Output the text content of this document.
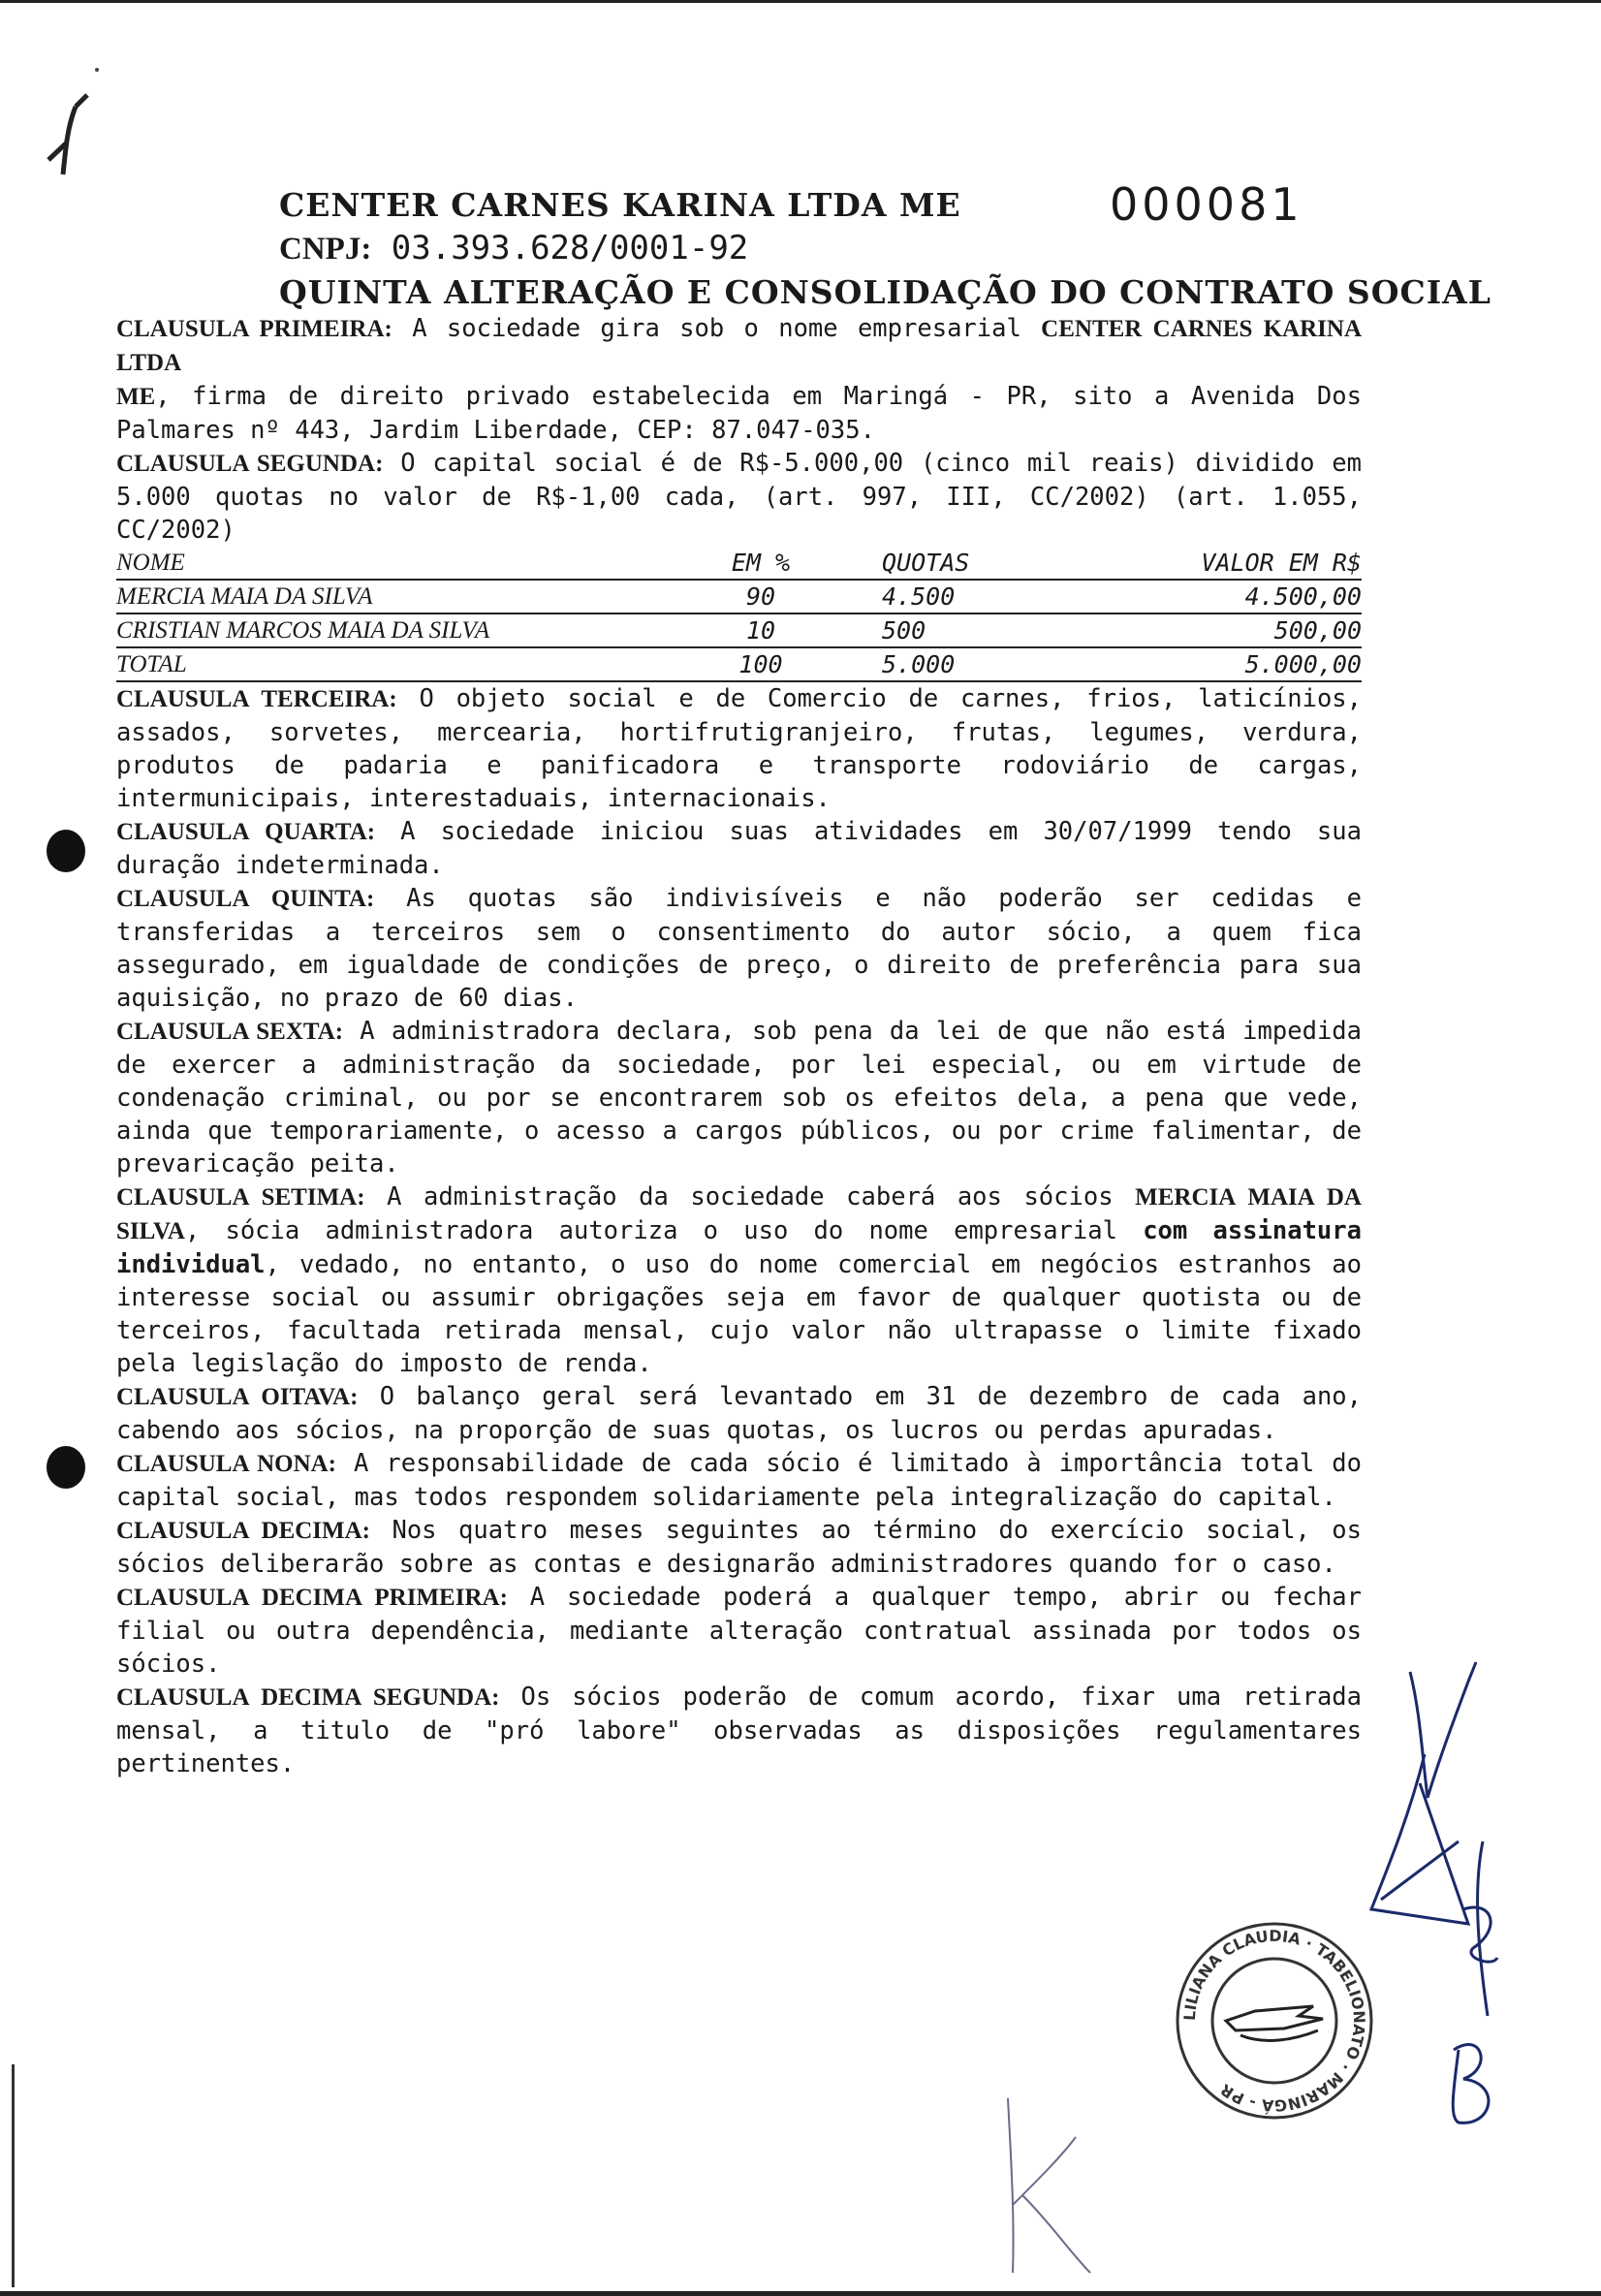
CENTER CARNES KARINA LTDA ME	000081
CNPJ: 03.393.628/0001-92
QUINTA ALTERAÇÃO E CONSOLIDAÇÃO DO CONTRATO SOCIAL

CLAUSULA PRIMEIRA: A sociedade gira sob o nome empresarial CENTER CARNES KARINA LTDA
ME, firma de direito privado estabelecida em Maringá - PR, sito a Avenida Dos Palmares nº 443, Jardim Liberdade, CEP: 87.047-035.

CLAUSULA SEGUNDA: O capital social é de R$-5.000,00 (cinco mil reais) dividido em 5.000 quotas no valor de R$-1,00 cada, (art. 997, III, CC/2002) (art. 1.055, CC/2002)

NOME	EM %	QUOTAS	VALOR EM R$
MERCIA MAIA DA SILVA	90	4.500	4.500,00
CRISTIAN MARCOS MAIA DA SILVA	10	500	500,00
TOTAL	100	5.000	5.000,00

CLAUSULA TERCEIRA: O objeto social e de Comercio de carnes, frios, laticínios, assados, sorvetes, mercearia, hortifrutigranjeiro, frutas, legumes, verdura, produtos de padaria e panificadora e transporte rodoviário de cargas, intermunicipais, interestaduais, internacionais.

CLAUSULA QUARTA: A sociedade iniciou suas atividades em 30/07/1999 tendo sua duração indeterminada.

CLAUSULA QUINTA: As quotas são indivisíveis e não poderão ser cedidas e transferidas a terceiros sem o consentimento do autor sócio, a quem fica assegurado, em igualdade de condições de preço, o direito de preferência para sua aquisição, no prazo de 60 dias.

CLAUSULA SEXTA: A administradora declara, sob pena da lei de que não está impedida de exercer a administração da sociedade, por lei especial, ou em virtude de condenação criminal, ou por se encontrarem sob os efeitos dela, a pena que vede, ainda que temporariamente, o acesso a cargos públicos, ou por crime falimentar, de prevaricação peita.

CLAUSULA SETIMA: A administração da sociedade caberá aos sócios MERCIA MAIA DA SILVA, sócia administradora autoriza o uso do nome empresarial com assinatura individual, vedado, no entanto, o uso do nome comercial em negócios estranhos ao interesse social ou assumir obrigações seja em favor de qualquer quotista ou de terceiros, facultada retirada mensal, cujo valor não ultrapasse o limite fixado pela legislação do imposto de renda.

CLAUSULA OITAVA: O balanço geral será levantado em 31 de dezembro de cada ano, cabendo aos sócios, na proporção de suas quotas, os lucros ou perdas apuradas.

CLAUSULA NONA: A responsabilidade de cada sócio é limitado à importância total do capital social, mas todos respondem solidariamente pela integralização do capital.

CLAUSULA DECIMA: Nos quatro meses seguintes ao término do exercício social, os sócios deliberarão sobre as contas e designarão administradores quando for o caso.

CLAUSULA DECIMA PRIMEIRA: A sociedade poderá a qualquer tempo, abrir ou fechar filial ou outra dependência, mediante alteração contratual assinada por todos os sócios.

CLAUSULA DECIMA SEGUNDA: Os sócios poderão de comum acordo, fixar uma retirada mensal, a titulo de "pró labore" observadas as disposições regulamentares pertinentes.

LILIANA CLAUDIA · TABELIONATO · MARINGÁ - PR
